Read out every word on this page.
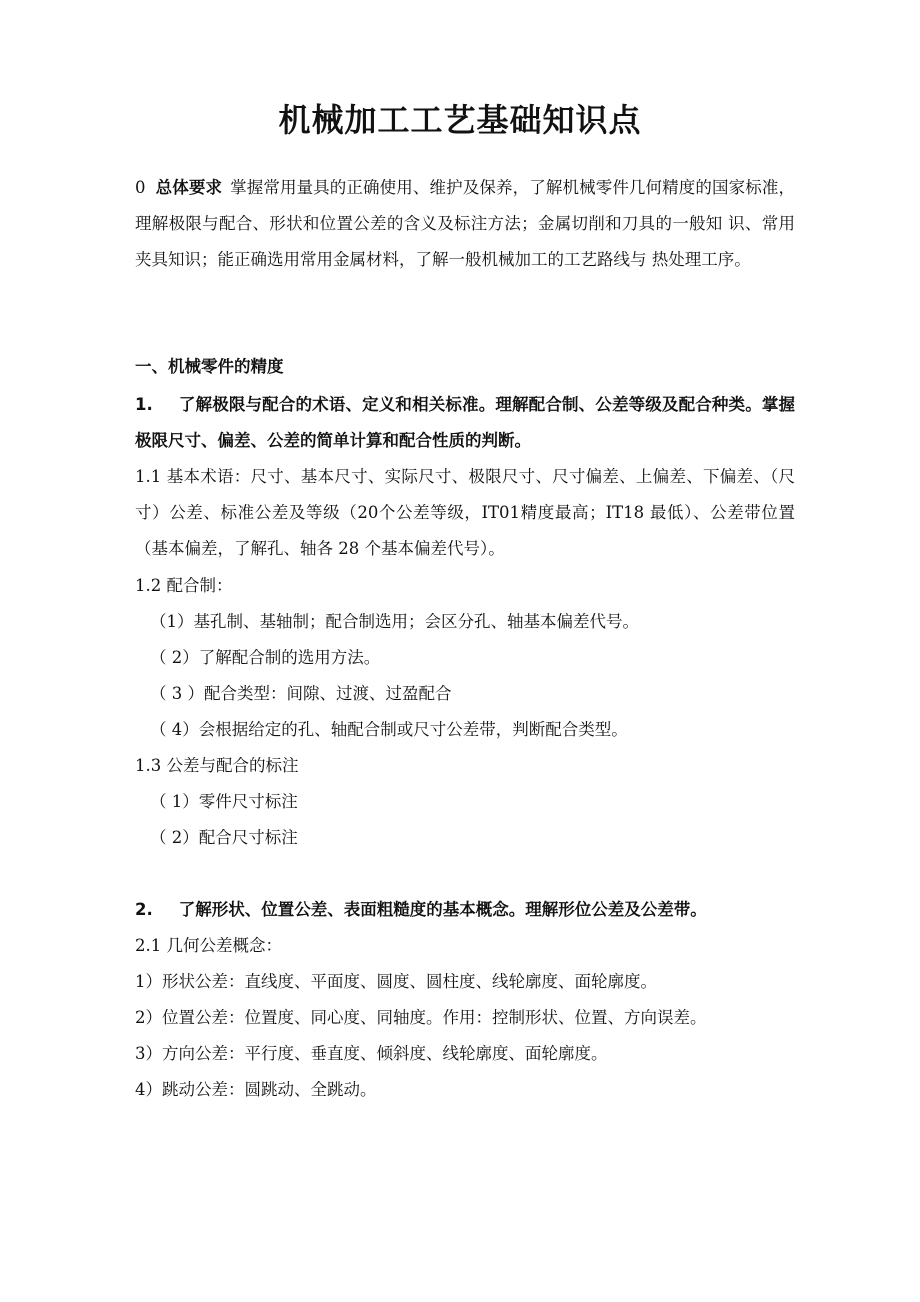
机械加工工艺基础知识点

0 总体要求 掌握常用量具的正确使用、维护及保养，了解机械零件几何精度的国家标准， 理解极限与配合、形状和位置公差的含义及标注方法；金属切削和刀具的一般知 识、常用夹具知识；能正确选用常用金属材料，了解一般机械加工的工艺路线与 热处理工序。

一、机械零件的精度

1. 了解极限与配合的术语、定义和相关标准。理解配合制、公差等级及配合种类。掌握极限尺寸、偏差、公差的简单计算和配合性质的判断。

1.1 基本术语：尺寸、基本尺寸、实际尺寸、极限尺寸、尺寸偏差、上偏差、下偏差、（尺寸）公差、标准公差及等级（20个公差等级，IT01精度最高；IT18 最低）、公差带位置（基本偏差，了解孔、轴各 28 个基本偏差代号）。

1.2 配合制：

（1）基孔制、基轴制；配合制选用；会区分孔、轴基本偏差代号。

（ 2）了解配合制的选用方法。

（ 3 ）配合类型：间隙、过渡、过盈配合

（ 4）会根据给定的孔、轴配合制或尺寸公差带，判断配合类型。

1.3 公差与配合的标注

（ 1）零件尺寸标注

（ 2）配合尺寸标注

2. 了解形状、位置公差、表面粗糙度的基本概念。理解形位公差及公差带。

2.1 几何公差概念：

1）形状公差：直线度、平面度、圆度、圆柱度、线轮廓度、面轮廓度。

2）位置公差：位置度、同心度、同轴度。作用：控制形状、位置、方向误差。

3）方向公差：平行度、垂直度、倾斜度、线轮廓度、面轮廓度。

4）跳动公差：圆跳动、全跳动。
